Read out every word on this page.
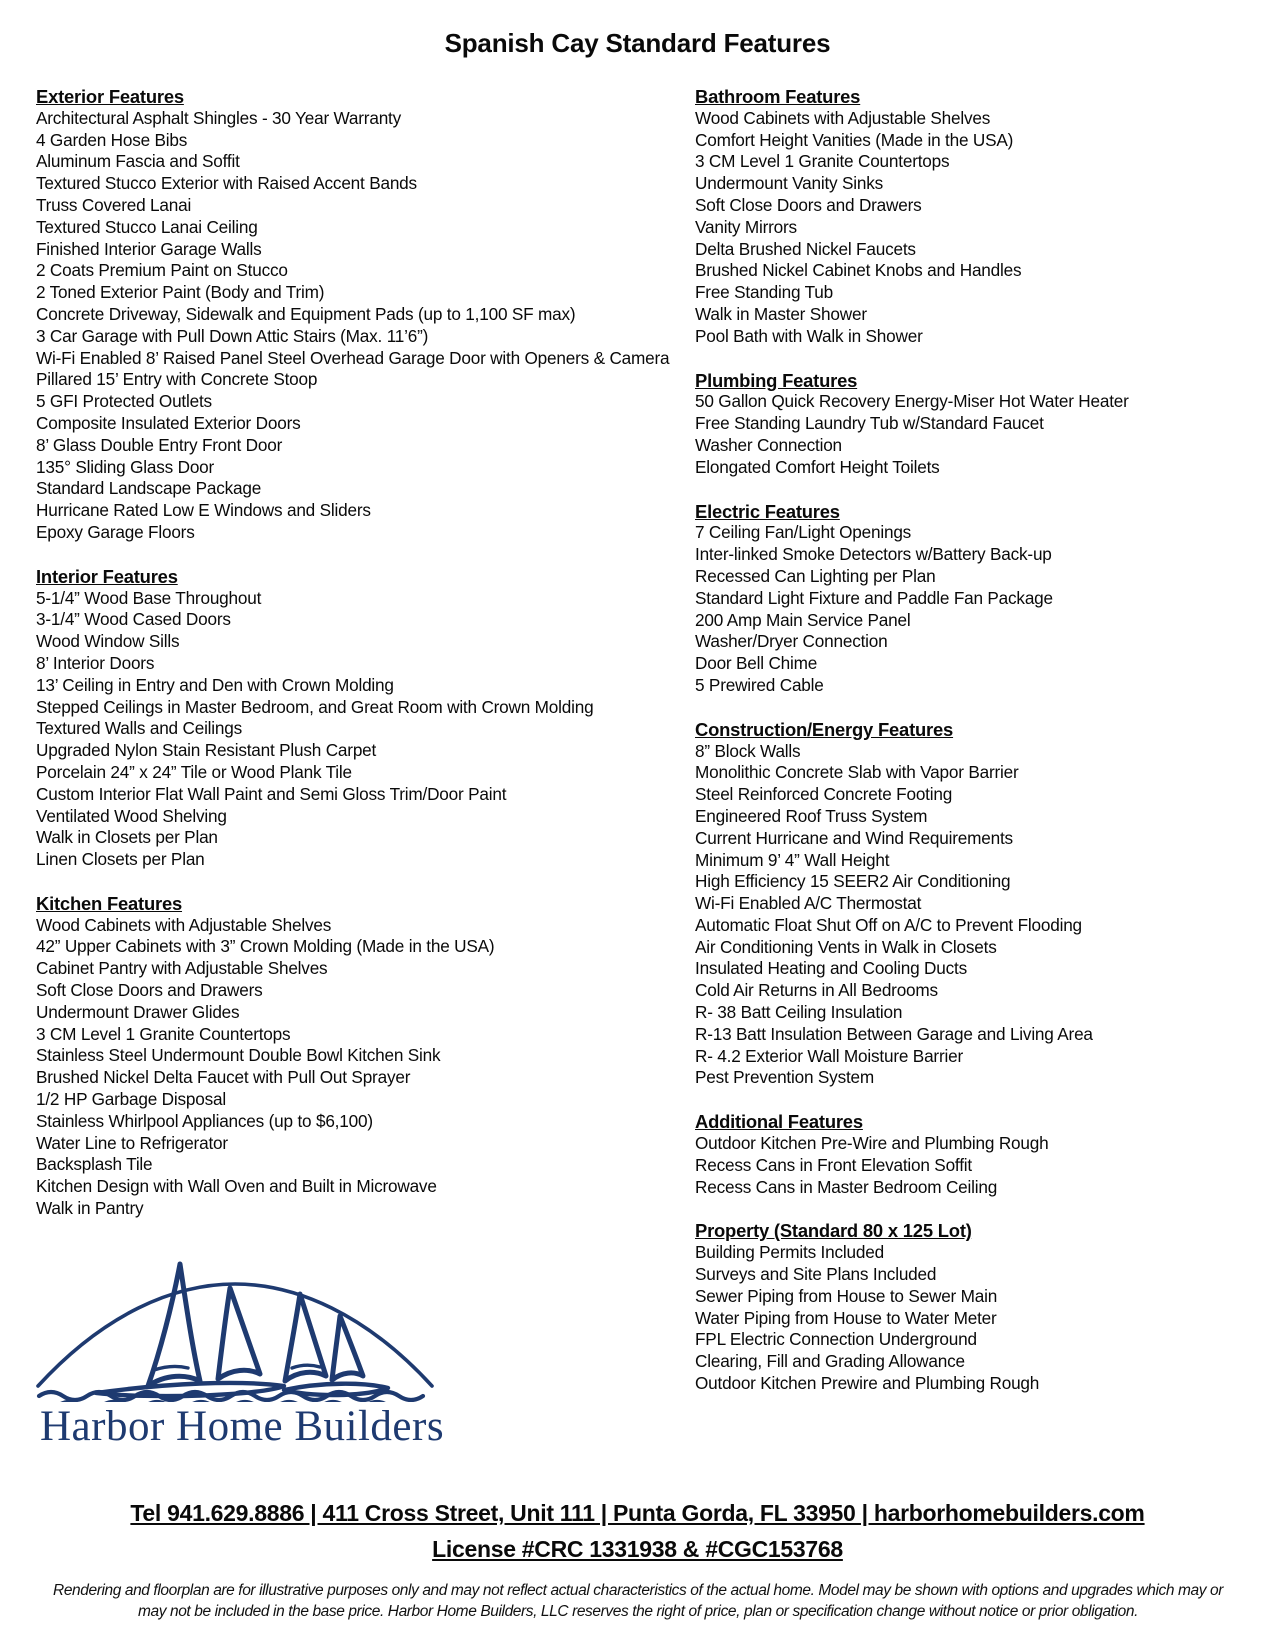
Spanish Cay Standard Features
Exterior Features
Architectural Asphalt Shingles - 30 Year Warranty
4 Garden Hose Bibs
Aluminum Fascia and Soffit
Textured Stucco Exterior with Raised Accent Bands
Truss Covered Lanai
Textured Stucco Lanai Ceiling
Finished Interior Garage Walls
2 Coats Premium Paint on Stucco
2 Toned Exterior Paint (Body and Trim)
Concrete Driveway, Sidewalk and Equipment Pads (up to 1,100 SF max)
3 Car Garage with Pull Down Attic Stairs (Max. 11’6”)
Wi-Fi Enabled 8’ Raised Panel Steel Overhead Garage Door with Openers & Camera
Pillared 15’ Entry with Concrete Stoop
5 GFI Protected Outlets
Composite Insulated Exterior Doors
8’ Glass Double Entry Front Door
135° Sliding Glass Door
Standard Landscape Package
Hurricane Rated Low E Windows and Sliders
Epoxy Garage Floors
Interior Features
5-1/4” Wood Base Throughout
3-1/4” Wood Cased Doors
Wood Window Sills
8’ Interior Doors
13’ Ceiling in Entry and Den with Crown Molding
Stepped Ceilings in Master Bedroom, and Great Room with Crown Molding
Textured Walls and Ceilings
Upgraded Nylon Stain Resistant Plush Carpet
Porcelain 24” x 24” Tile or Wood Plank Tile
Custom Interior Flat Wall Paint and Semi Gloss Trim/Door Paint
Ventilated Wood Shelving
Walk in Closets per Plan
Linen Closets per Plan
Kitchen Features
Wood Cabinets with Adjustable Shelves
42” Upper Cabinets with 3” Crown Molding (Made in the USA)
Cabinet Pantry with Adjustable Shelves
Soft Close Doors and Drawers
Undermount Drawer Glides
3 CM Level 1 Granite Countertops
Stainless Steel Undermount Double Bowl Kitchen Sink
Brushed Nickel Delta Faucet with Pull Out Sprayer
1/2 HP Garbage Disposal
Stainless Whirlpool Appliances (up to $6,100)
Water Line to Refrigerator
Backsplash Tile
Kitchen Design with Wall Oven and Built in Microwave
Walk in Pantry
Bathroom Features
Wood Cabinets with Adjustable Shelves
Comfort Height Vanities (Made in the USA)
3 CM Level 1 Granite Countertops
Undermount Vanity Sinks
Soft Close Doors and Drawers
Vanity Mirrors
Delta Brushed Nickel Faucets
Brushed Nickel Cabinet Knobs and Handles
Free Standing Tub
Walk in Master Shower
Pool Bath with Walk in Shower
Plumbing Features
50 Gallon Quick Recovery Energy-Miser Hot Water Heater
Free Standing Laundry Tub w/Standard Faucet
Washer Connection
Elongated Comfort Height Toilets
Electric Features
7 Ceiling Fan/Light Openings
Inter-linked Smoke Detectors w/Battery Back-up
Recessed Can Lighting per Plan
Standard Light Fixture and Paddle Fan Package
200 Amp Main Service Panel
Washer/Dryer Connection
Door Bell Chime
5 Prewired Cable
Construction/Energy Features
8” Block Walls
Monolithic Concrete Slab with Vapor Barrier
Steel Reinforced Concrete Footing
Engineered Roof Truss System
Current Hurricane and Wind Requirements
Minimum 9’ 4” Wall Height
High Efficiency 15 SEER2 Air Conditioning
Wi-Fi Enabled A/C Thermostat
Automatic Float Shut Off on A/C to Prevent Flooding
Air Conditioning Vents in Walk in Closets
Insulated Heating and Cooling Ducts
Cold Air Returns in All Bedrooms
R- 38 Batt Ceiling Insulation
R-13 Batt Insulation Between Garage and Living Area
R- 4.2 Exterior Wall Moisture Barrier
Pest Prevention System
Additional Features
Outdoor Kitchen Pre-Wire and Plumbing Rough
Recess Cans in Front Elevation Soffit
Recess Cans in Master Bedroom Ceiling
Property (Standard 80 x 125 Lot)
Building Permits Included
Surveys and Site Plans Included
Sewer Piping from House to Sewer Main
Water Piping from House to Water Meter
FPL Electric Connection Underground
Clearing, Fill and Grading Allowance
Outdoor Kitchen Prewire and Plumbing Rough
Harbor Home Builders
Tel 941.629.8886 | 411 Cross Street, Unit 111 | Punta Gorda, FL 33950 | harborhomebuilders.com
License #CRC 1331938 & #CGC153768
Rendering and floorplan are for illustrative purposes only and may not reflect actual characteristics of the actual home. Model may be shown with options and upgrades which may or may not be included in the base price. Harbor Home Builders, LLC reserves the right of price, plan or specification change without notice or prior obligation.
